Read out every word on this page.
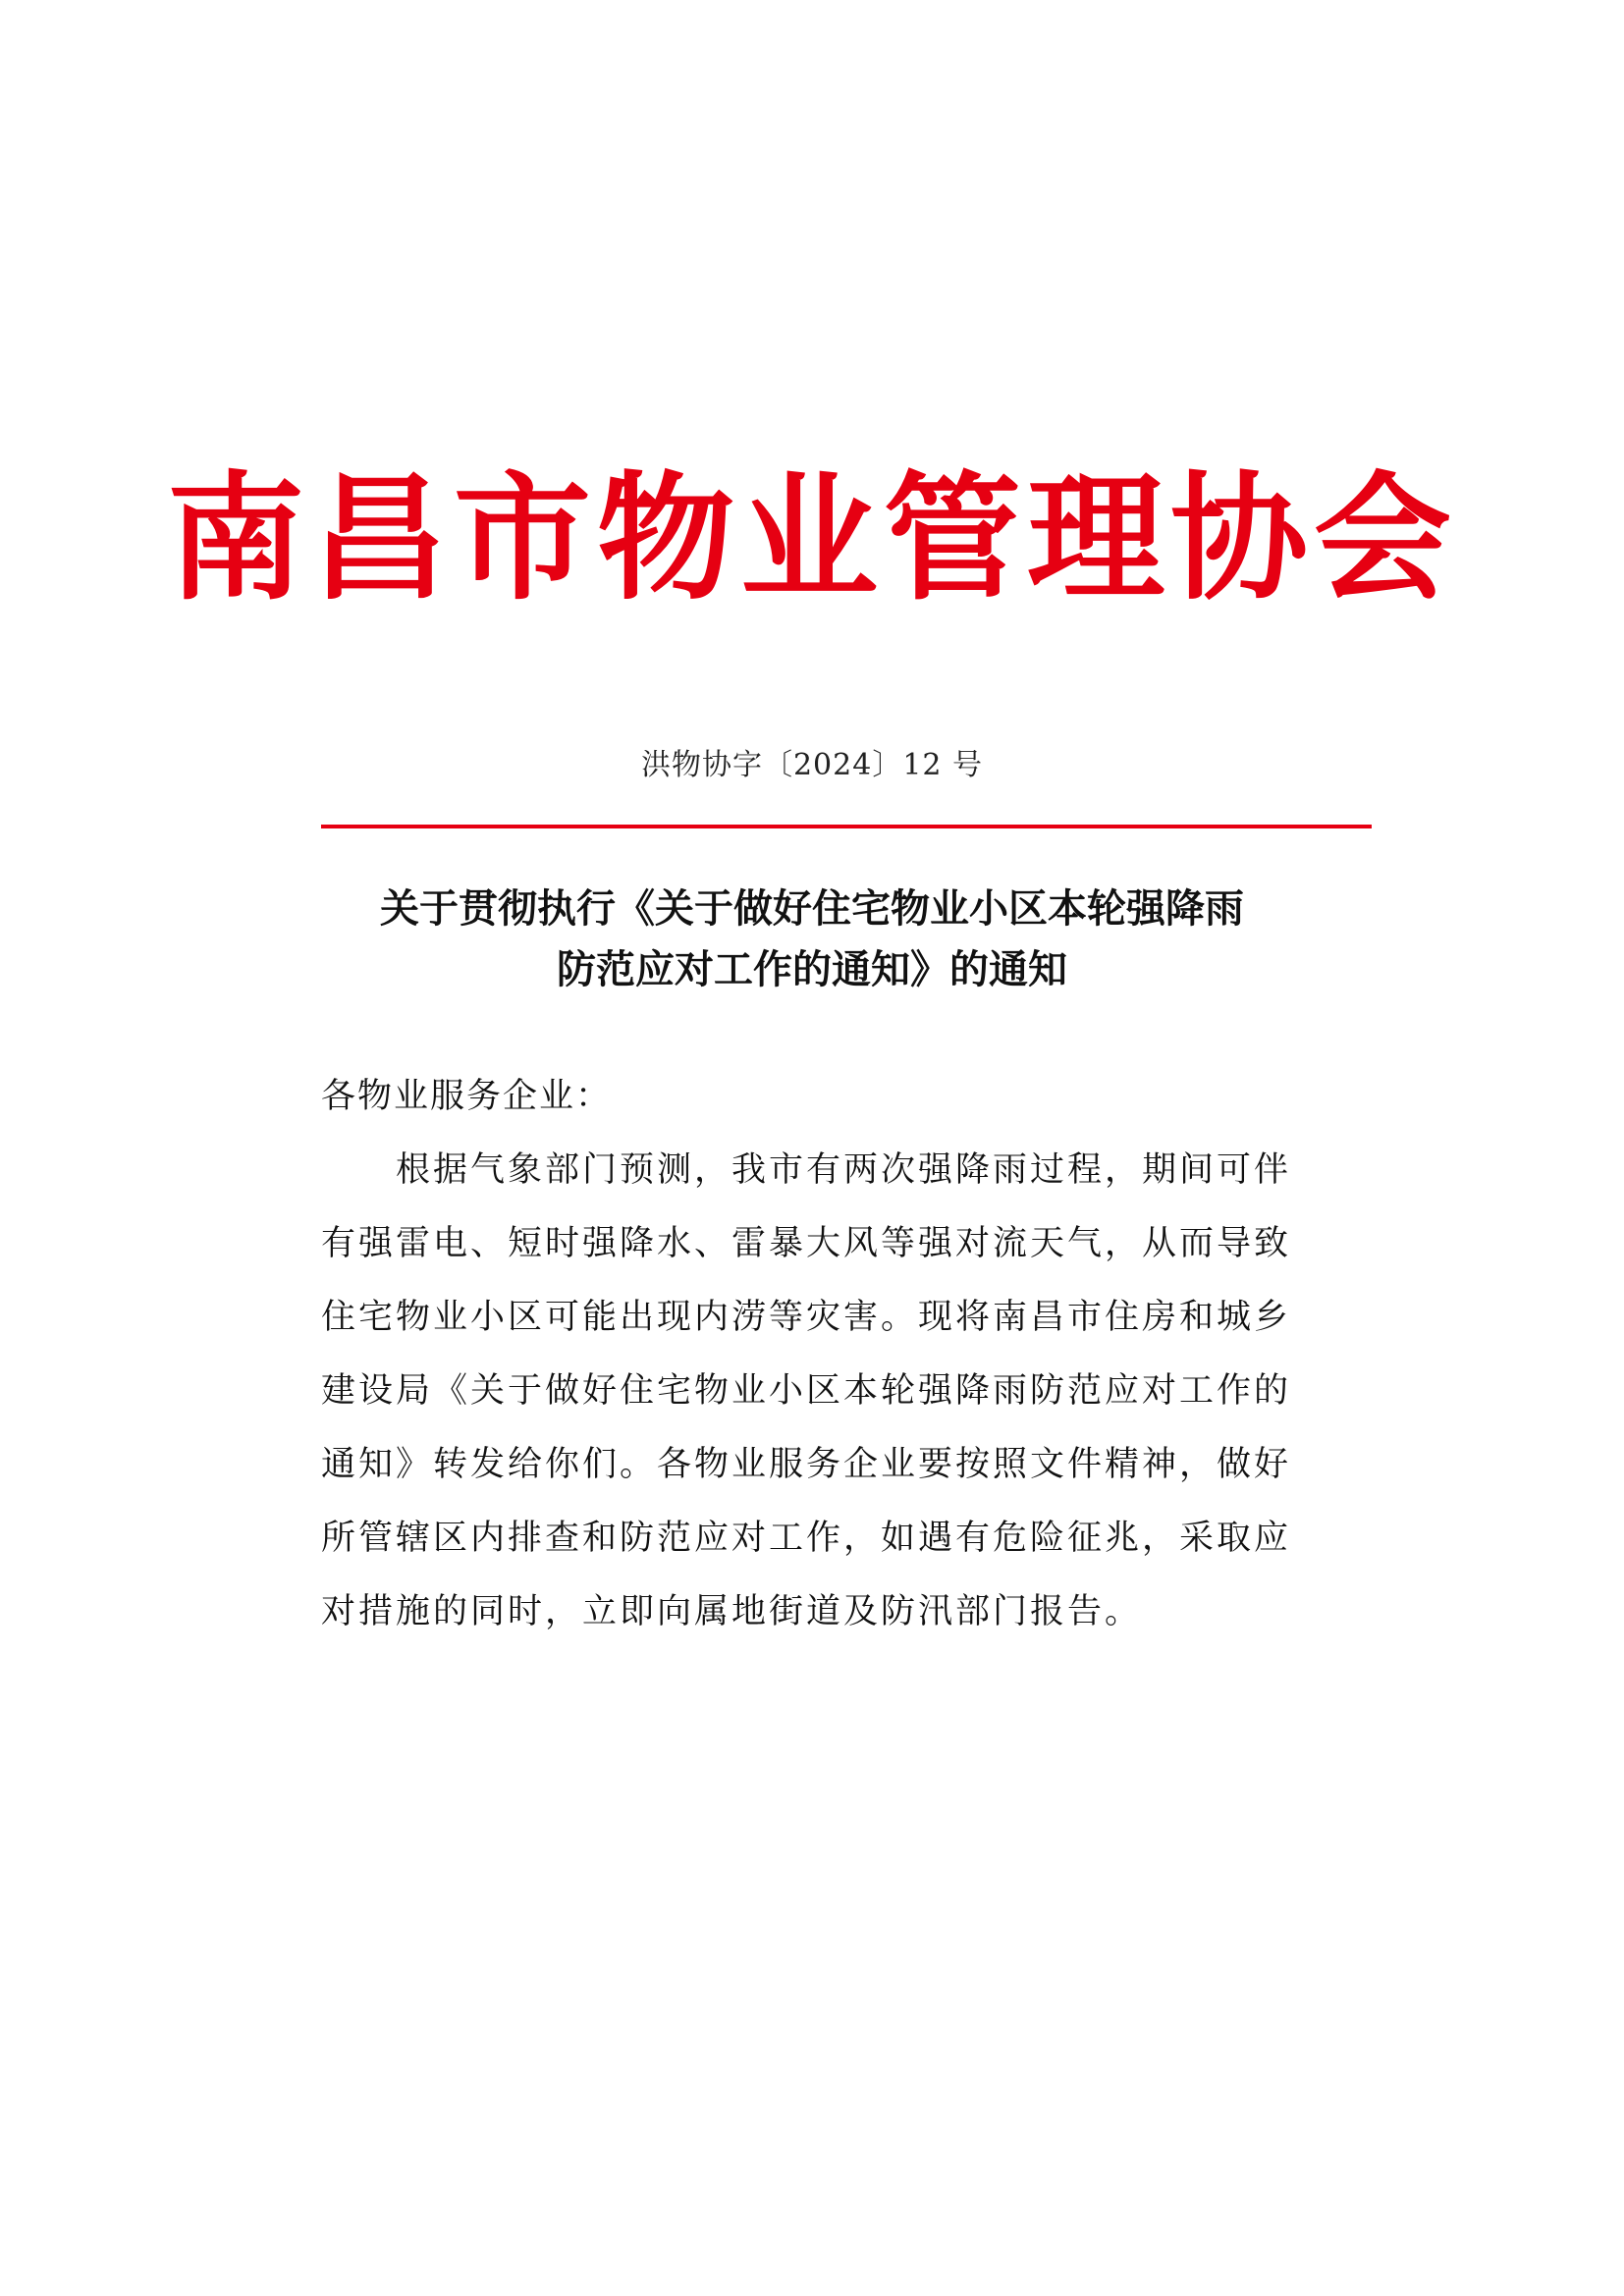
南昌市物业管理协会
洪物协字〔2024〕12 号
关于贯彻执行《关于做好住宅物业小区本轮强降雨
防范应对工作的通知》的通知
各物业服务企业：
根据气象部门预测，我市有两次强降雨过程，期间可伴
有强雷电、短时强降水、雷暴大风等强对流天气，从而导致
住宅物业小区可能出现内涝等灾害。现将南昌市住房和城乡
建设局《关于做好住宅物业小区本轮强降雨防范应对工作的
通知》转发给你们。各物业服务企业要按照文件精神，做好
所管辖区内排查和防范应对工作，如遇有危险征兆，采取应
对措施的同时，立即向属地街道及防汛部门报告。
